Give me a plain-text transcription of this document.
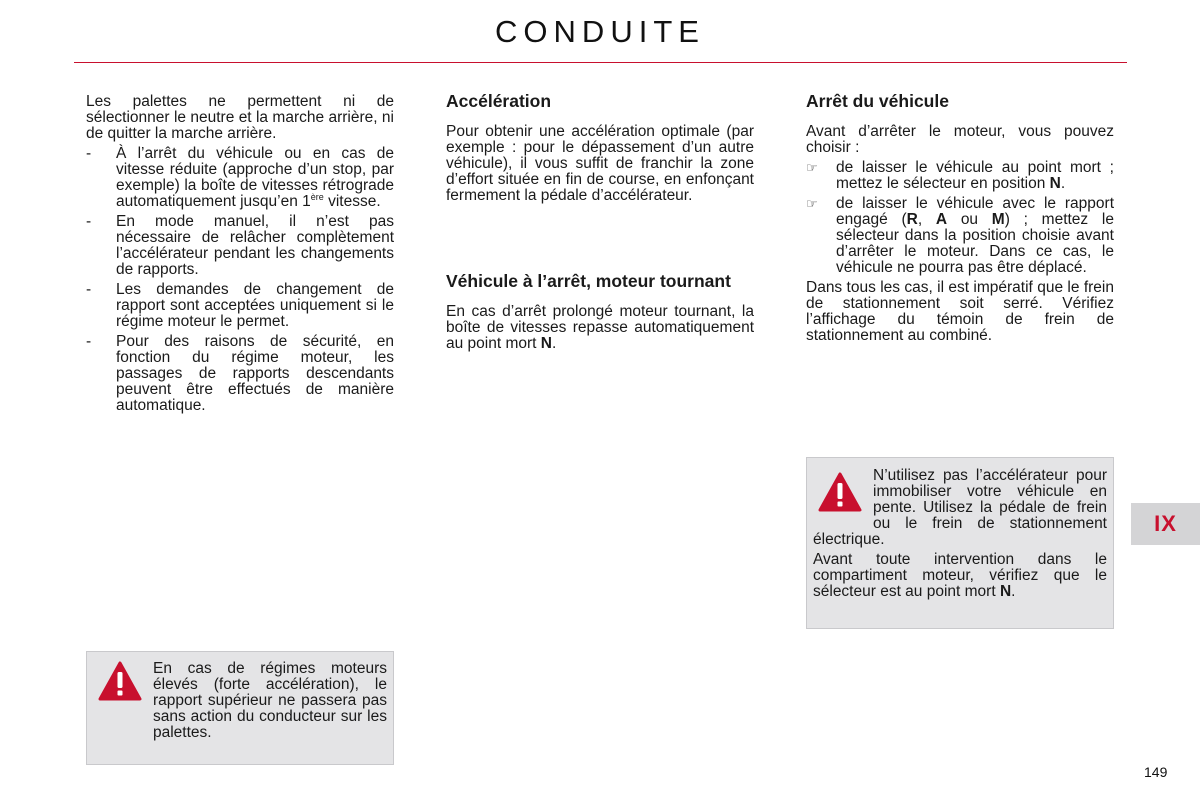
CONDUITE

Les palettes ne permettent ni de sélectionner le neutre et la marche arrière, ni de quitter la marche arrière.

-	À l’arrêt du véhicule ou en cas de vitesse réduite (approche d’un stop, par exemple) la boîte de vitesses rétrograde automatiquement jusqu’en 1ère vitesse.
-	En mode manuel, il n’est pas nécessaire de relâcher complètement l’accélérateur pendant les changements de rapports.
-	Les demandes de changement de rapport sont acceptées uniquement si le régime moteur le permet.
-	Pour des raisons de sécurité, en fonction du régime moteur, les passages de rapports descendants peuvent être effectués de manière automatique.

En cas de régimes moteurs élevés (forte accélération), le rapport supérieur ne passera pas sans action du conducteur sur les palettes.

Accélération

Pour obtenir une accélération optimale (par exemple : pour le dépassement d’un autre véhicule), il vous suffit de franchir la zone d’effort située en fin de course, en enfonçant fermement la pédale d’accélérateur.

Véhicule à l’arrêt, moteur tournant

En cas d’arrêt prolongé moteur tournant, la boîte de vitesses repasse automatiquement au point mort N.

Arrêt du véhicule

Avant d’arrêter le moteur, vous pouvez choisir :

☞	de laisser le véhicule au point mort ; mettez le sélecteur en position N.
☞	de laisser le véhicule avec le rapport engagé (R, A ou M) ; mettez le sélecteur dans la position choisie avant d’arrêter le moteur. Dans ce cas, le véhicule ne pourra pas être déplacé.

Dans tous les cas, il est impératif que le frein de stationnement soit serré. Vérifiez l’affichage du témoin de frein de stationnement au combiné.

N’utilisez pas l’accélérateur pour immobiliser votre véhicule en pente. Utilisez la pédale de frein ou le frein de stationnement électrique.

Avant toute intervention dans le compartiment moteur, vérifiez que le sélecteur est au point mort N.

IX
149
